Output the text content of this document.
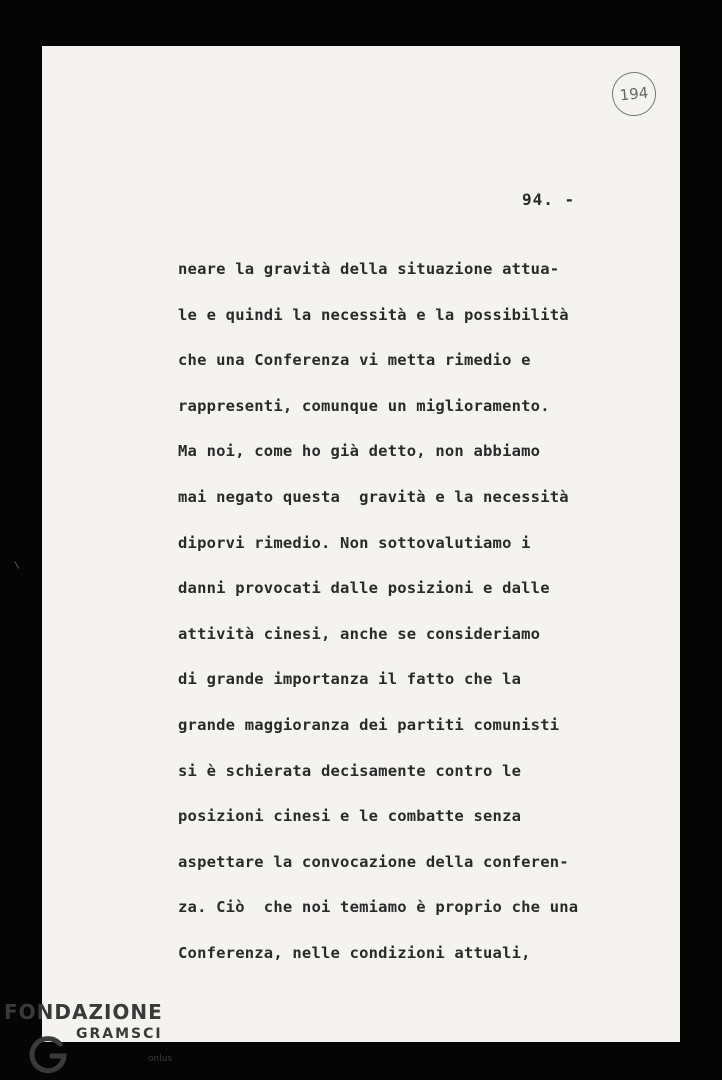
194
94. -
neare la gravità della situazione attua-
le e quindi la necessità e la possibilità
che una Conferenza vi metta rimedio e
rappresenti, comunque un miglioramento.
Ma noi, come ho già detto, non abbiamo
mai negato questa  gravità e la necessità
diporvi rimedio. Non sottovalutiamo i
danni provocati dalle posizioni e dalle
attività cinesi, anche se consideriamo
di grande importanza il fatto che la
grande maggioranza dei partiti comunisti
si è schierata decisamente contro le
posizioni cinesi e le combatte senza
aspettare la convocazione della conferen-
za. Ciò  che noi temiamo è proprio che una
Conferenza, nelle condizioni attuali,
FONDAZIONE
GRAMSCI
onlus
